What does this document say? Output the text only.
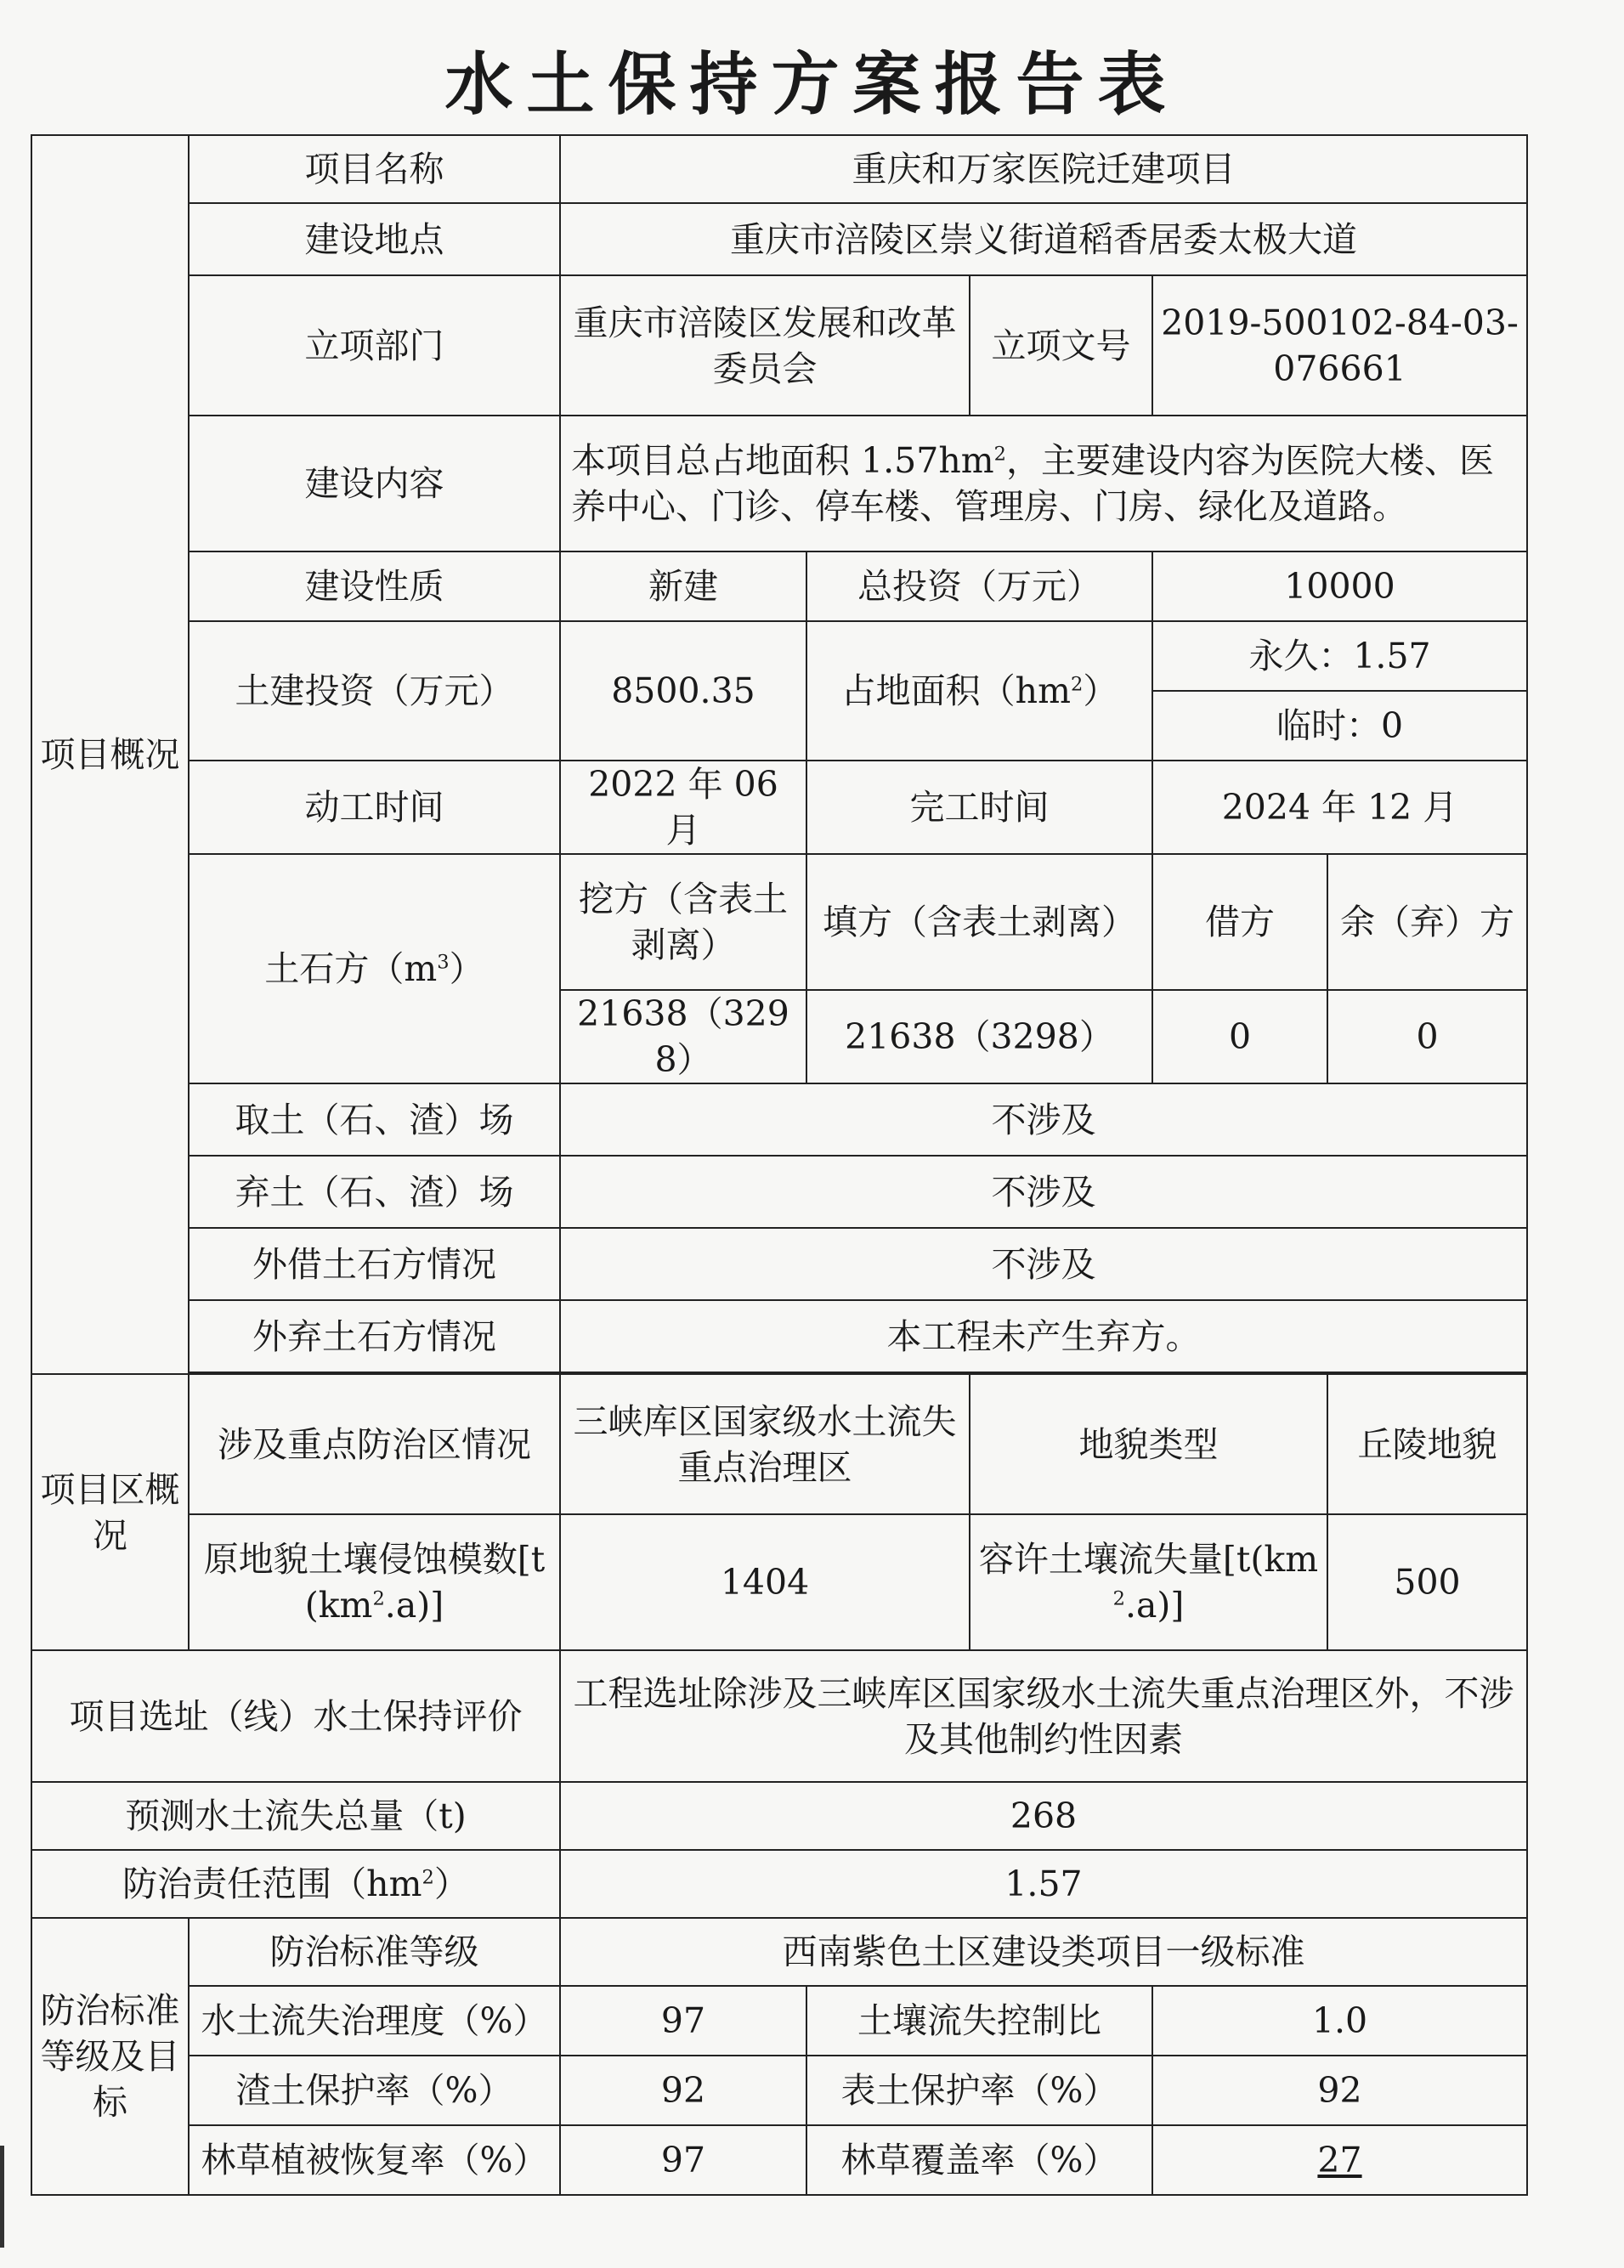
水土保持方案报告表
项目概况	项目名称	重庆和万家医院迁建项目				
	建设地点	重庆市涪陵区崇义街道稻香居委太极大道				
	立项部门	重庆市涪陵区发展和改革委员会		立项文号	2019-500102-84-03-076661	
	建设内容	本项目总占地面积 $1.57hm^2$，主要建设内容为医院大楼、医养中心、门诊、停车楼、管理房、门房、绿化及道路。				
	建设性质	新建	总投资（万元）		10000	
	土建投资（万元）	8500.35	占地面积$(hm^2)$		永久：1.57	
					临时：0	
	动工时间	2022 年 06 月	完工时间		2024 年 12 月	
	土石方$(m^3)$	挖方（含表土剥离）	填方（含表土剥离）		借方	余（弃）方
		21638（3298）	21638（3298）		0	0
	取土（石、渣）场	不涉及				
	弃土（石、渣）场	不涉及				
	外借土石方情况	不涉及				
	外弃土石方情况	本工程未产生弃方。				

项目区概况	涉及重点防治区情况	三峡库区国家级水土流失重点治理区		地貌类型		丘陵地貌
	原地貌土壤侵蚀模数$[t(km^2.a)]$	1404		容许土壤流失量$[t(km^2.a)]$		500
项目选址（线）水土保持评价		工程选址除涉及三峡库区国家级水土流失重点治理区外，不涉及其他制约性因素				
预测水土流失总量（t)		268				
防治责任范围$(hm^2)$		1.57				
防治标准等级及目标	防治标准等级	西南紫色土区建设类项目一级标准				
	水土流失治理度（%）	97	土壤流失控制比		1.0	
	渣土保护率（%）	92	表土保护率（%）		92	
	林草植被恢复率（%）	97	林草覆盖率（%）		27	
